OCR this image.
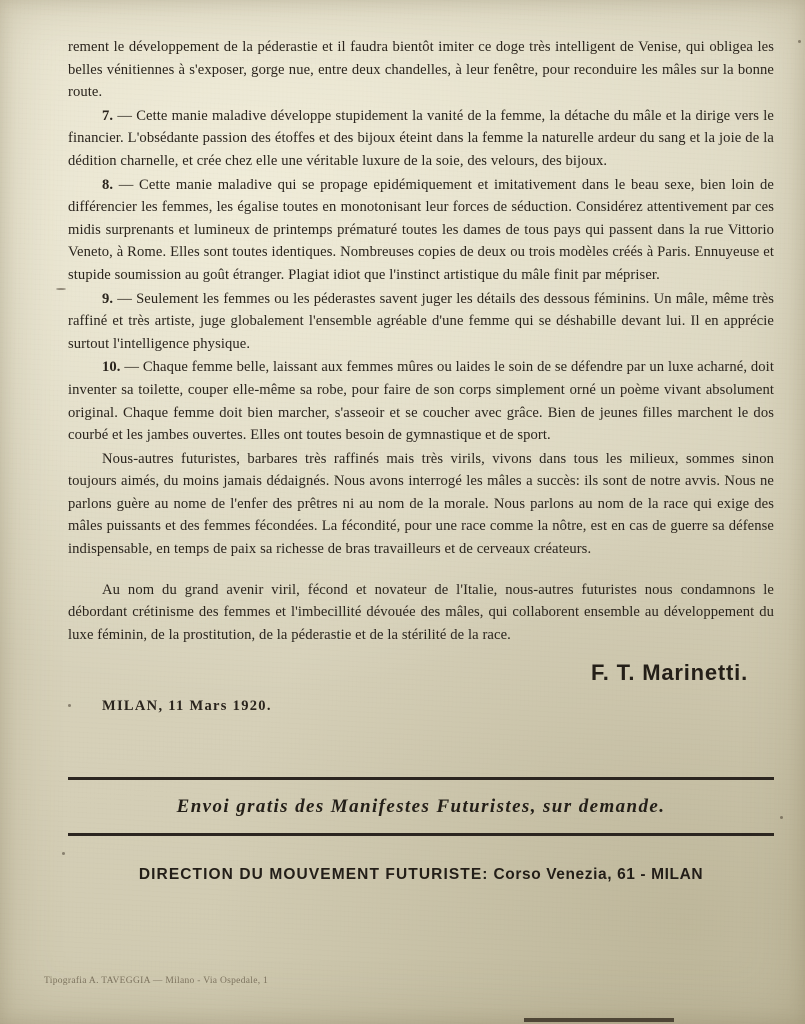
rement le développement de la péderastie et il faudra bientôt imiter ce doge très intelligent de Venise, qui obligea les belles vénitiennes à s'exposer, gorge nue, entre deux chandelles, à leur fenêtre, pour reconduire les mâles sur la bonne route.

7. — Cette manie maladive développe stupidement la vanité de la femme, la détache du mâle et la dirige vers le financier. L'obsédante passion des étoffes et des bijoux éteint dans la femme la naturelle ardeur du sang et la joie de la dédition charnelle, et crée chez elle une véritable luxure de la soie, des velours, des bijoux.

8. — Cette manie maladive qui se propage epidémiquement et imitativement dans le beau sexe, bien loin de différencier les femmes, les égalise toutes en monotonisant leur forces de séduction. Considérez attentivement par ces midis surprenants et lumineux de printemps prématuré toutes les dames de tous pays qui passent dans la rue Vittorio Veneto, à Rome. Elles sont toutes identiques. Nombreuses copies de deux ou trois modèles créés à Paris. Ennuyeuse et stupide soumission au goût étranger. Plagiat idiot que l'instinct artistique du mâle finit par mépriser.

9. — Seulement les femmes ou les péderastes savent juger les détails des dessous féminins. Un mâle, même très raffiné et très artiste, juge globalement l'ensemble agréable d'une femme qui se déshabille devant lui. Il en apprécie surtout l'intelligence physique.

10. — Chaque femme belle, laissant aux femmes mûres ou laides le soin de se défendre par un luxe acharné, doit inventer sa toilette, couper elle-même sa robe, pour faire de son corps simplement orné un poème vivant absolument original. Chaque femme doit bien marcher, s'asseoir et se coucher avec grâce. Bien de jeunes filles marchent le dos courbé et les jambes ouvertes. Elles ont toutes besoin de gymnastique et de sport.

Nous-autres futuristes, barbares très raffinés mais très virils, vivons dans tous les milieux, sommes sinon toujours aimés, du moins jamais dédaignés. Nous avons interrogé les mâles a succès: ils sont de notre avvis. Nous ne parlons guère au nome de l'enfer des prêtres ni au nom de la morale. Nous parlons au nom de la race qui exige des mâles puissants et des femmes fécondées. La fécondité, pour une race comme la nôtre, est en cas de guerre sa défense indispensable, en temps de paix sa richesse de bras travailleurs et de cerveaux créateurs.

Au nom du grand avenir viril, fécond et novateur de l'Italie, nous-autres futuristes nous condamnons le débordant crétinisme des femmes et l'imbecillité dévouée des mâles, qui collaborent ensemble au développement du luxe féminin, de la prostitution, de la péderastie et de la stérilité de la race.

F. T. Marinetti.
MILAN, 11 Mars 1920.
Envoi gratis des Manifestes Futuristes, sur demande.
DIRECTION DU MOUVEMENT FUTURISTE: Corso Venezia, 61 - MILAN
Tipografia A. TAVEGGIA — Milano - Via Ospedale, 1
